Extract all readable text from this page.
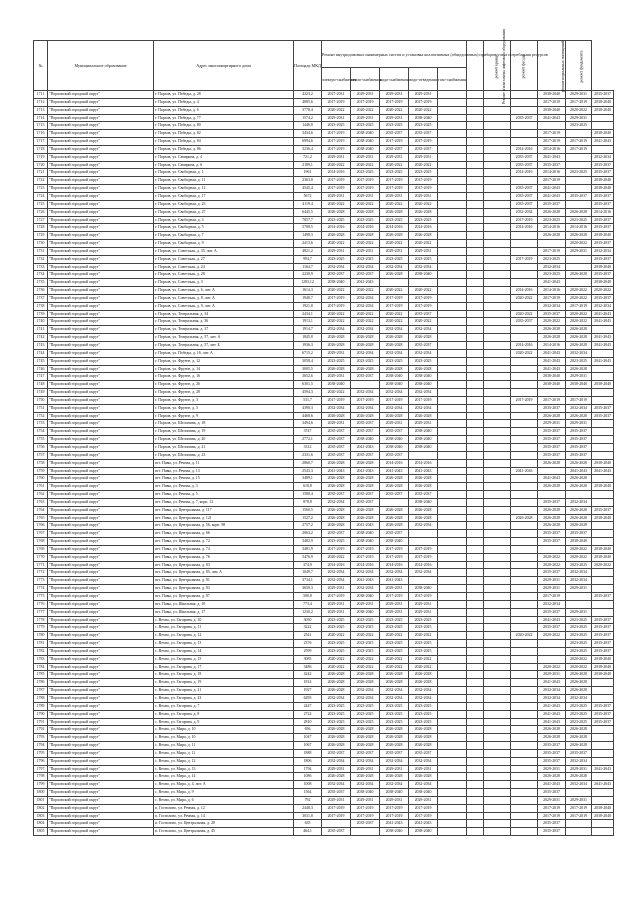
№	Муниципальное образование	Адрес многоквартирного дома	Площадь МКД	Ремонт внутридомовых инженерных систем и установка коллективных (общедомовых) приборов учета потребления ресурсов					Ремонт и/или замена лифтового оборудования	ремонт крыши	ремонт фасада	ремонт подвальных помещений	ремонт фундамента	
				электро-снабжения	тепло-снабжения	водо-снабжения	водо-отведения	газо-снабжения						
1711	"Порховский городской округ"	г. Порхов, ул. Победы, д. 28	4223,2	2027-2031	2029-2031	2029-2031	2029-2031					2038-2040	2029-2031	2035-2037
1712	"Порховский городской округ"	г. Порхов, ул. Победы, д. 4	4085,6	2017-2019	2017-2019	2017-2019	2017-2019					2017-2019	2017-2019	2038-2040
1713	"Порховский городской округ"	г. Порхов, ул. Победы, д. 6	3778,4	2020-2022	2020-2022	2020-2022	2020-2022					2038-2040	2020-2022	2038-2040
1714	"Порховский городской округ"	г. Порхов, ул. Победы, д. 77	1574,2	2029-2031	2029-2031	2029-2031	2038-2040				2035-2037	2041-2043	2029-2031	
1715	"Порховский городской округ"	г. Порхов, ул. Победы, д. 80	1446,8	2023-2025	2023-2025	2023-2025	2023-2025						2023-2025	
1716	"Порховский городской округ"	г. Порхов, ул. Победы, д. 82	3434,6	2017-2019	2038-2040	2035-2037	2035-2037					2017-2019		2038-2040
1717	"Порховский городской округ"	г. Порхов, ул. Победы, д. 84	6994,6	2017-2019	2038-2040	2017-2019	2017-2019					2017-2019	2017-2019	2041-2043
1718	"Порховский городской округ"	г. Порхов, ул. Победы, д. 86	3236,4	2017-2019	2038-2040	2035-2037	2035-2037				2014-2016	2014-2016	2017-2019	
1719	"Порховский городской округ"	г. Порхов, ул. Самарина, д. 4	721,2	2029-2031	2029-2031	2029-2031	2029-2031				2035-2037	2041-2043		2032-2034
1720	"Порховский городской округ"	г. Порхов, ул. Самарина, д. 6	2189,1	2020-2022	2020-2022	2020-2022	2020-2022				2035-2037	2035-2037		2035-2037
1721	"Порховский городской округ"	г. Порхов, ул. Свободная, д. 1	1961	2014-2016	2023-2025	2023-2025	2023-2025				2014-2016	2014-2016	2023-2025	2035-2037
1722	"Порховский городской округ"	г. Порхов, ул. Свободная, д. 11	2363,8	2017-2019	2017-2019	2017-2019	2017-2019					2017-2019		2038-2040
1723	"Порховский городской округ"	г. Порхов, ул. Свободная, д. 12	4545,4	2017-2019	2017-2019	2017-2019	2017-2019				2035-2037	2041-2043		2038-2040
1724	"Порховский городской округ"	г. Порхов, ул. Свободная, д. 17	5672	2029-2031	2029-2031	2029-2031	2029-2031				2035-2037	2041-2043	2035-2037	2035-2037
1725	"Порховский городской округ"	г. Порхов, ул. Свободная, д. 23	4119,4	2020-2022	2020-2022	2020-2022	2020-2022				2035-2037	2035-2037		2035-2037
1726	"Порховский городской округ"	г. Порхов, ул. Свободная, д. 27	6445,5	2026-2028	2026-2028	2026-2028	2026-2028				2032-2034	2026-2028	2026-2028	2014-2016
1727	"Порховский городской округ"	г. Порхов, ул. Свободная, д. 3	7057,7	2023-2025	2023-2025	2023-2025	2023-2025				2017-2019	2023-2025	2023-2025	2035-2037
1728	"Порховский городской округ"	г. Порхов, ул. Свободная, д. 5	5708,5	2014-2016	2014-2016	2014-2016	2014-2016				2014-2016	2014-2016	2014-2016	2035-2037
1729	"Порховский городской округ"	г. Порхов, ул. Свободная, д. 7	1498,3	2026-2028	2026-2028	2026-2028	2026-2028					2026-2028	2026-2028	2038-2040
1730	"Порховский городской округ"	г. Порхов, ул. Свободная, д. 9	2413,6	2020-2022	2020-2022	2020-2022	2020-2022						2020-2022	2035-2037
1731	"Порховский городской округ"	г. Порхов, ул. Советская, д. 35, лит. А	4821,2	2029-2031	2029-2031	2029-2031	2029-2031					2017-2019	2029-2031	2032-2034
1732	"Порховский городской округ"	г. Порхов, ул. Советская, д. 27	994,7	2023-2025	2023-2025	2023-2025	2023-2025				2017-2019	2023-2025		2035-2037
1733	"Порховский городской округ"	г. Порхов, ул. Советская, д. 24	1164,7	2032-2034	2032-2034	2032-2034	2032-2034					2032-2034		2038-2040
1734	"Порховский городской округ"	г. Порхов, ул. Советская, д. 28	2230,9	2035-2037	2035-2037	2026-2028	2038-2040					2023-2025	2026-2028	2035-2037
1735	"Порховский городской округ"	г. Порхов, ул. Советская, д. 3	1283,12	2038-2040	2041-2043							2041-2043		2038-2040
1736	"Порховский городской округ"	г. Порхов, ул. Советская, д. 6, лит. А	1614,3	2020-2022	2020-2022	2020-2022	2020-2022				2014-2016	2014-2016	2020-2022	2020-2022
1737	"Порховский городской округ"	г. Порхов, ул. Советская, д. 8, лит. А	1940,7	2017-2019	2032-2034	2017-2019	2017-2019				2020-2022	2017-2019	2020-2022	2035-2037
1738	"Порховский городской округ"	г. Порхов, ул. Советская, д. 9, лит. А	1921,8	2017-2019	2032-2034	2017-2019	2017-2019					2032-2034	2017-2019	2032-2034
1739	"Порховский городской округ"	г. Порхов, ул. Театральная, д. 34	2434,1	2020-2022	2020-2022	2020-2022	2035-2037				2020-2022	2035-2037	2020-2022	2041-2043
1740	"Порховский городской округ"	г. Порхов, ул. Театральная, д. 36	1913,1	2020-2022	2020-2022	2020-2022	2020-2022				2035-2037	2020-2022	2020-2022	2041-2043
1741	"Порховский городской округ"	г. Порхов, ул. Театральная, д. 37	1914,7	2032-2034	2032-2034	2032-2034	2032-2034					2026-2028	2026-2028	
1742	"Порховский городской округ"	г. Порхов, ул. Театральная, д. 57, лит. А	1845,8	2026-2028	2026-2028	2026-2028	2026-2028					2026-2028	2026-2028	2041-2043
1743	"Порховский городской округ"	г. Порхов, ул. Театральная, д. 57, лит. Б	1936,3	2026-2028	2026-2028	2026-2028	2035-2037				2014-2016	2014-2016	2026-2028	2041-2043
1744	"Порховский городской округ"	г. Порхов, ул. Победы, д. 16, лит. А	6715,2	2029-2031	2032-2034	2032-2034	2032-2034				2020-2022	2041-2043	2032-2034	
1745	"Порховский городской округ"	г. Порхов, ул. Фрунзе, д. 12	3058,4	2023-2025	2023-2025	2023-2025	2023-2025					2041-2043	2023-2025	2041-2043
1746	"Порховский городской округ"	г. Порхов, ул. Фрунзе, д. 14	3005,5	2026-2028	2026-2028	2026-2028	2026-2028					2041-2043	2026-2028	
1747	"Порховский городской округ"	г. Порхов, ул. Фрунзе, д. 16	3652,6	2029-2031	2035-2037	2038-2040	2038-2040					2038-2040	2029-2031	
1748	"Порховский городской округ"	г. Порхов, ул. Фрунзе, д. 26	6301,5	2038-2040		2038-2040	2038-2040					2038-2040	2038-2040	2038-2040
1749	"Порховский городской округ"	г. Порхов, ул. Фрунзе, д. 28	4594,3	2020-2022	2032-2034	2032-2034	2032-2034							
1750	"Порховский городской округ"	г. Порхов, ул. Фрунзе, д. 3	531,7	2017-2019	2017-2019	2017-2019	2017-2019				2017-2019	2017-2019	2017-2019	
1751	"Порховский городской округ"	г. Порхов, ул. Фрунзе, д. 5	4390,3	2032-2034	2032-2034	2032-2034	2032-2034					2035-2037	2032-2034	2035-2037
1752	"Порховский городской округ"	г. Порхов, ул. Фрунзе, д. 9	4468,6	2026-2028	2026-2028	2026-2028	2026-2028					2026-2028	2026-2028	2035-2037
1753	"Порховский городской округ"	г. Порхов, ул. Шелонина, д. 18	3494,6	2029-2031	2035-2037	2029-2031	2029-2031					2029-2031	2029-2031	
1754	"Порховский городской округ"	г. Порхов, ул. Шелонина, д. 19	3747	2035-2037	2035-2037	2035-2037	2038-2040					2035-2037	2035-2037	
1755	"Порховский городской округ"	г. Порхов, ул. Шелонина, д. 20	2772,1	2035-2037	2038-2040	2038-2040	2038-2040					2035-2037	2035-2037	
1756	"Порховский городской округ"	г. Порхов, ул. Шелонина, д. 21	3312	2035-2037	2041-2043	2038-2040	2038-2040					2035-2037	2035-2037	
1757	"Порховский городской округ"	г. Порхов, ул. Шелонина, д. 23	2331,6	2035-2037	2035-2037	2035-2037						2035-2037	2035-2037	
1758	"Порховский городской округ"	пгт. Павы, ул. Речная, д. 11	2860,7	2026-2028	2026-2028	2014-2016	2014-2016					2026-2028	2026-2028	2038-2040
1759	"Порховский городской округ"	пгт. Павы, ул. Речная, д. 13	2543,3	2041-2043	2041-2043	2041-2043	2041-2043				2041-2043		2041-2043	2041-2043
1760	"Порховский городской округ"	пгт. Павы, ул. Речная, д. 15	3489,1	2026-2028	2026-2028	2026-2028	2026-2028					2041-2043	2026-2028	
1761	"Порховский городской округ"	пгт. Павы, ул. Речная, д. 3	618,8	2026-2028	2026-2028	2026-2028	2026-2028					2026-2028	2026-2028	2038-2040
1762	"Порховский городской округ"	пгт. Павы, ул. Речная, д. 5	1580,4	2035-2037	2035-2037	2035-2037	2035-2037							
1763	"Порховский городской округ"	пгт. Павы, ул. Речная, д. 7, корп. 12	878,8	2032-2034	2035-2037		2038-2040					2035-2037	2032-2034	
1764	"Порховский городской округ"	пгт. Павы, ул. Центральная, д. 117	1560,5	2026-2028	2026-2028	2026-2028	2026-2028					2026-2028	2026-2028	2035-2037
1765	"Порховский городской округ"	пгт. Павы, ул. Центральная, д. 121	1527,2	2026-2028	2026-2028	2026-2028	2026-2028				2026-2028	2026-2028	2026-2028	2038-2040
1766	"Порховский городской округ"	пгт. Павы, ул. Центральная, д. 56, корп. 98	2757,2	2026-2028	2041-2043	2026-2028	2032-2034					2026-2028	2026-2028	
1767	"Порховский городской округ"	пгт. Павы, ул. Центральная, д. 66	2063,2	2035-2037	2038-2040	2035-2037						2035-2037	2035-2037	
1768	"Порховский городской округ"	пгт. Павы, ул. Центральная, д. 72	3482,9	2023-2025	2038-2040	2038-2040						2035-2037	2038-2040	
1769	"Порховский городской округ"	пгт. Павы, ул. Центральная, д. 74	3481,9	2017-2019	2017-2019	2017-2019	2017-2019						2020-2022	2038-2040
1770	"Порховский городской округ"	пгт. Павы, ул. Центральная, д. 76	5476,9	2020-2022	2017-2019	2017-2019	2017-2019					2020-2022	2020-2022	2038-2040
1771	"Порховский городской округ"	пгт. Павы, ул. Центральная, д. 83	374,9	2014-2016	2014-2016	2014-2016	2014-2016					2020-2022	2023-2025	2020-2022
1772	"Порховский городской округ"	пгт. Павы, ул. Центральная, д. 85, лит. А	1049,7	2032-2034	2032-2034	2032-2034	2032-2034					2035-2037	2032-2034	
1773	"Порховский городской округ"	пгт. Павы, ул. Центральная, д. 91	3734,1	2032-2034	2041-2043	2041-2043						2029-2031	2032-2034	
1774	"Порховский городской округ"	пгт. Павы, ул. Центральная, д. 93	3650,3	2029-2031	2032-2034	2029-2031	2038-2040					2029-2031	2029-2031	
1775	"Порховский городской округ"	пгт. Павы, ул. Центральная, д. 97	580,8	2017-2019	2038-2040	2017-2019	2017-2019					2017-2019		2035-2037
1776	"Порховский городской округ"	пгт. Павы, ул. Школьная, д. 10	773,4	2029-2031	2029-2031	2029-2031	2029-2031					2032-2034		
1777	"Порховский городской округ"	пгт. Павы, ул. Школьная, д. 17	1230,2	2029-2031	2038-2040	2029-2031	2029-2031					2035-2037	2029-2031	
1778	"Порховский городской округ"	с. Вехно, ул. Гагарина, д. 10	3050	2023-2025	2023-2025	2023-2025	2023-2025					2041-2043	2023-2025	2035-2037
1779	"Порховский городской округ"	с. Вехно, ул. Гагарина, д. 11	3222	2023-2025	2023-2025	2023-2025	2023-2025					2035-2037	2023-2025	2035-2037
1780	"Порховский городской округ"	с. Вехно, ул. Гагарина, д. 12	2541	2020-2022	2020-2022	2020-2022	2020-2022				2020-2022	2020-2022	2023-2025	2035-2037
1781	"Порховский городской округ"	с. Вехно, ул. Гагарина, д. 13	2376	2023-2025	2023-2025	2023-2025	2023-2025						2023-2025	2035-2037
1782	"Порховский городской округ"	с. Вехно, ул. Гагарина, д. 14	2599	2023-2025	2023-2025	2023-2025	2023-2025						2023-2025	2035-2037
1783	"Порховский городской округ"	с. Вехно, ул. Гагарина, д. 15	3085	2020-2022	2020-2022	2020-2022	2020-2022						2020-2022	2038-2040
1784	"Порховский городской округ"	с. Вехно, ул. Гагарина, д. 17	3486	2020-2022	2020-2022	2020-2022	2020-2022					2020-2022	2020-2022	2038-2040
1785	"Порховский городской округ"	с. Вехно, ул. Гагарина, д. 18	4242	2026-2028	2026-2028	2026-2028	2026-2028					2029-2031	2026-2028	2038-2040
1786	"Порховский городской округ"	с. Вехно, ул. Гагарина, д. 19	1814	2026-2028	2026-2028	2026-2028	2026-2028					2041-2043	2026-2028	
1787	"Порховский городской округ"	с. Вехно, ул. Гагарина, д. 21	1927	2026-2028	2032-2034	2032-2034	2032-2034					2032-2034	2026-2028	
1788	"Порховский городской округ"	с. Вехно, ул. Гагарина, д. 23	6295	2032-2034	2032-2034	2032-2034	2032-2034					2032-2034	2032-2034	
1789	"Порховский городской округ"	с. Вехно, ул. Гагарина, д. 7	2447	2023-2025	2023-2025	2023-2025	2023-2025					2041-2043	2023-2025	2035-2037
1790	"Порховский городской округ"	с. Вехно, ул. Гагарина, д. 8	2722	2023-2025	2023-2025	2023-2025	2023-2025					2041-2043	2023-2025	2035-2037
1791	"Порховский городской округ"	с. Вехно, ул. Гагарина, д. 9	2810	2023-2025	2023-2025	2023-2025	2023-2025					2041-2043	2023-2025	2035-2037
1792	"Порховский городской округ"	с. Вехно, ул. Мира, д. 10	656	2026-2028	2026-2028	2026-2028	2026-2028					2026-2028	2026-2028	
1793	"Порховский городской округ"	с. Вехно, ул. Мира, д. 10	1047	2026-2028	2026-2028	2026-2028	2026-2028					2026-2028	2026-2028	
1794	"Порховский городской округ"	с. Вехно, ул. Мира, д. 11	1067	2026-2028	2026-2028	2026-2028	2026-2028					2035-2037	2026-2028	
1795	"Порховский городской округ"	с. Вехно, ул. Мира, д. 11	1888	2035-2037	2035-2037	2035-2037	2035-2037					2035-2037	2035-2037	
1796	"Порховский городской округ"	с. Вехно, ул. Мира, д. 12	1806	2032-2034	2032-2034	2032-2034	2032-2034					2035-2037	2032-2034	
1797	"Порховский городской округ"	с. Вехно, ул. Мира, д. 13	1794	2029-2031	2029-2031	2029-2031	2029-2031					2029-2031	2029-2031	2041-2043
1798	"Порховский городской округ"	с. Вехно, ул. Мира, д. 14	1086	2026-2028	2026-2028	2026-2028	2026-2028					2026-2028	2026-2028	
1799	"Порховский городской округ"	с. Вехно, ул. Мира, д. 4, лит. А	1008	2032-2034	2032-2034	2032-2034	2032-2034					2041-2043	2032-2034	2041-2043
1800	"Порховский городской округ"	с. Вехно, ул. Мира, д. 9	1564	2035-2037	2038-2040	2038-2040	2038-2040					2035-2037		
1801	"Порховский городской округ"	с. Вехно, ул. Мира, д. 6	792	2029-2031	2029-2031	2029-2031	2029-2031					2029-2031	2029-2031	
1802	"Порховский городской округ"	п. Гостилово, ул. Речная, д. 12	2448,3	2017-2019	2017-2019	2017-2019	2017-2019					2017-2019	2017-2019	2038-2040
1803	"Порховский городской округ"	п. Гостилово, ул. Речная, д. 14	3031,8	2017-2019	2017-2019	2017-2019	2017-2019					2017-2019	2017-2019	2038-2040
1804	"Порховский городской округ"	п. Гостилово, ул. Центральная, д. 28	635		2035-2037	2041-2043	2041-2043					2035-2037		
1805	"Порховский городской округ"	п. Гостилово, ул. Центральная, д. 45	464,1	2035-2037		2038-2040	2038-2040					2035-2037		
